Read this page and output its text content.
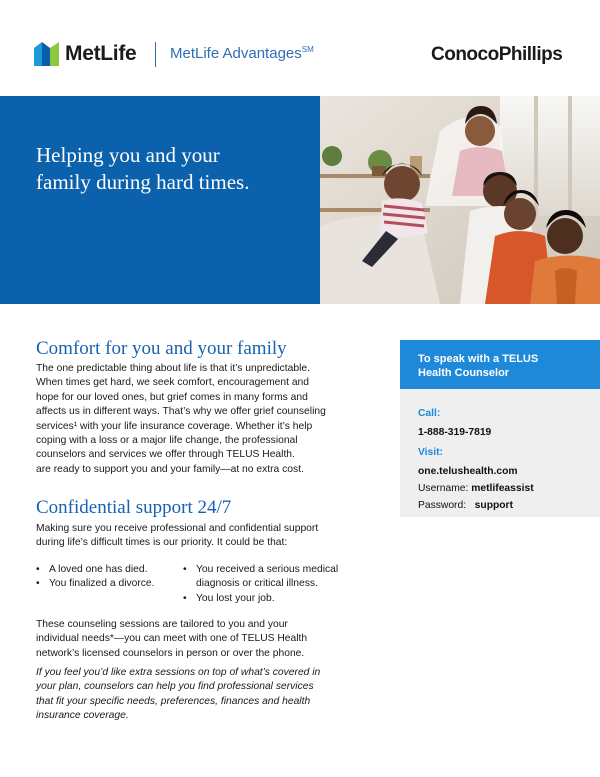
MetLife MetLife Advantages℠	ConocoPhillips
Helping you and your
family during hard times.
Comfort for you and your family
The one predictable thing about life is that it’s unpredictable.
When times get hard, we seek comfort, encouragement and
hope for our loved ones, but grief comes in many forms and
affects us in different ways. That’s why we offer grief counseling
services¹ with your life insurance coverage. Whether it’s help
coping with a loss or a major life change, the professional
counselors and services we offer through TELUS Health.
are ready to support you and your family—at no extra cost.
Confidential support 24/7
Making sure you receive professional and confidential support
during life’s difficult times is our priority. It could be that:
• A loved one has died.
• You finalized a divorce.
• You received a serious medical
diagnosis or critical illness.
• You lost your job.
These counseling sessions are tailored to you and your
individual needs*—you can meet with one of TELUS Health
network’s licensed counselors in person or over the phone.
If you feel you’d like extra sessions on top of what’s covered in
your plan, counselors can help you find professional services
that fit your specific needs, preferences, finances and health
insurance coverage.
To speak with a TELUS
Health Counselor
Call:
1-888-319-7819
Visit:
one.telushealth.com
Username: metlifeassist
Password: support
